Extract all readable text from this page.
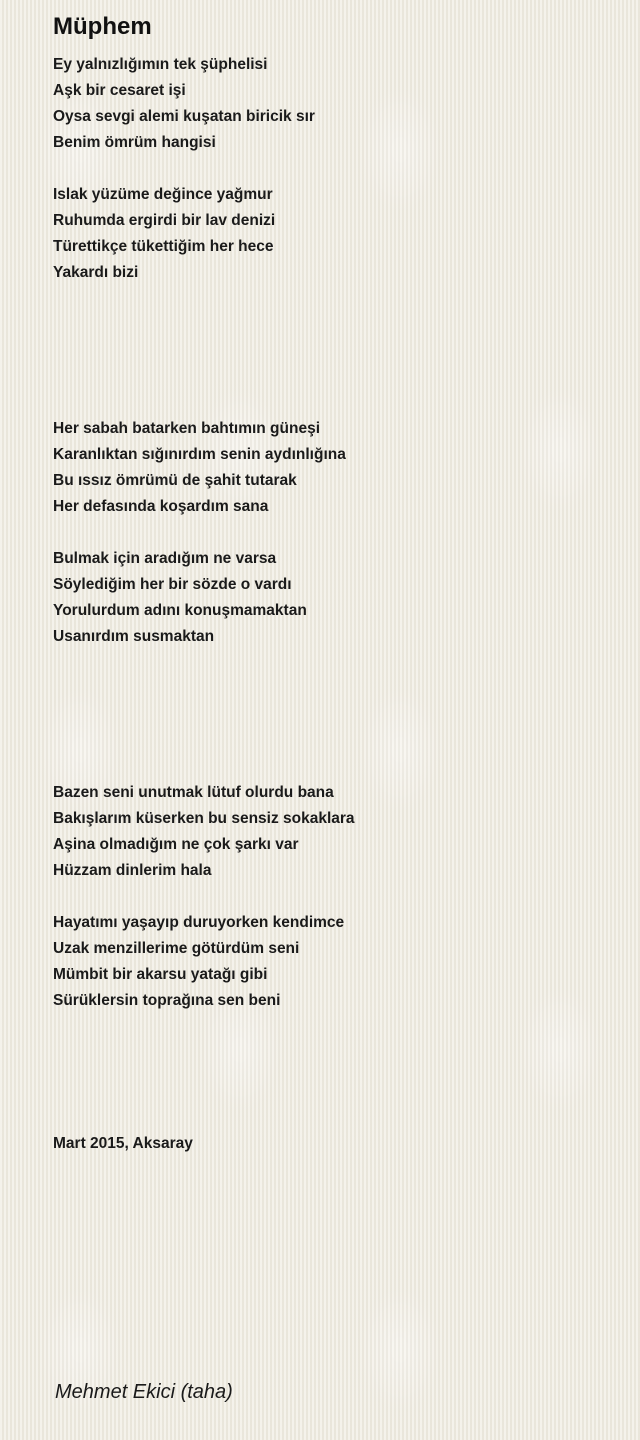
Müphem
Ey yalnızlığımın tek şüphelisi
Aşk bir cesaret işi
Oysa sevgi alemi kuşatan biricik sır
Benim ömrüm hangisi
Islak yüzüme değince yağmur
Ruhumda ergirdi bir lav denizi
Türettikçe tükettiğim her hece
Yakardı bizi
Her sabah batarken bahtımın güneşi
Karanlıktan sığınırdım senin aydınlığına
Bu ıssız ömrümü de şahit tutarak
Her defasında koşardım sana
Bulmak için aradığım ne varsa
Söylediğim her bir sözde o vardı
Yorulurdum adını konuşmamaktan
Usanırdım susmaktan
Bazen seni unutmak lütuf olurdu bana
Bakışlarım küserken bu sensiz sokaklara
Aşina olmadığım ne çok şarkı var
Hüzzam dinlerim hala
Hayatımı yaşayıp duruyorken kendimce
Uzak menzillerime götürdüm seni
Mümbit bir akarsu yatağı gibi
Sürüklersin toprağına sen beni
Mart 2015, Aksaray
Mehmet Ekici (taha)
